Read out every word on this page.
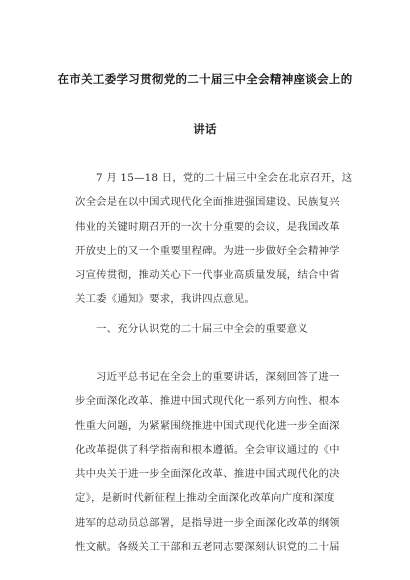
在市关工委学习贯彻党的二十届三中全会精神座谈会上的
讲话
7 月 15—18 日，党的二十届三中全会在北京召开，这
次全会是在以中国式现代化全面推进强国建设、民族复兴
伟业的关键时期召开的一次十分重要的会议，是我国改革
开放史上的又一个重要里程碑。为进一步做好全会精神学
习宣传贯彻，推动关心下一代事业高质量发展，结合中省
关工委《通知》要求，我讲四点意见。
一、充分认识党的二十届三中全会的重要意义
习近平总书记在全会上的重要讲话，深刻回答了进一
步全面深化改革、推进中国式现代化一系列方向性、根本
性重大问题，为紧紧围绕推进中国式现代化进一步全面深
化改革提供了科学指南和根本遵循。全会审议通过的《中
共中央关于进一步全面深化改革、推进中国式现代化的决
定》，是新时代新征程上推动全面深化改革向广度和深度
进军的总动员总部署，是指导进一步全面深化改革的纲领
性文献。各级关工干部和五老同志要深刻认识党的二十届
